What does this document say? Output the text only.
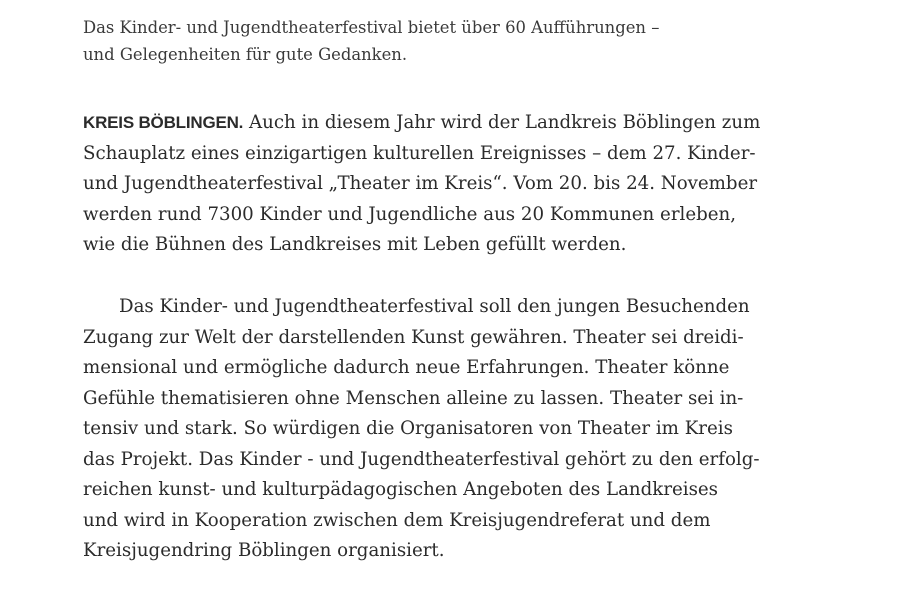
Das Kinder- und Jugendtheaterfestival bietet über 60 Aufführungen –
und Gelegenheiten für gute Gedanken.
KREIS BÖBLINGEN. Auch in diesem Jahr wird der Landkreis Böblingen zum
Schauplatz eines einzigartigen kulturellen Ereignisses – dem 27. Kinder-
und Jugendtheaterfestival „Theater im Kreis“. Vom 20. bis 24. November
werden rund 7300 Kinder und Jugendliche aus 20 Kommunen erleben,
wie die Bühnen des Landkreises mit Leben gefüllt werden.
Das Kinder- und Jugendtheaterfestival soll den jungen Besuchenden
Zugang zur Welt der darstellenden Kunst gewähren. Theater sei dreidi-
mensional und ermögliche dadurch neue Erfahrungen. Theater könne
Gefühle thematisieren ohne Menschen alleine zu lassen. Theater sei in-
tensiv und stark. So würdigen die Organisatoren von Theater im Kreis
das Projekt. Das Kinder - und Jugendtheaterfestival gehört zu den erfolg-
reichen kunst- und kulturpädagogischen Angeboten des Landkreises
und wird in Kooperation zwischen dem Kreisjugendreferat und dem
Kreisjugendring Böblingen organisiert.
